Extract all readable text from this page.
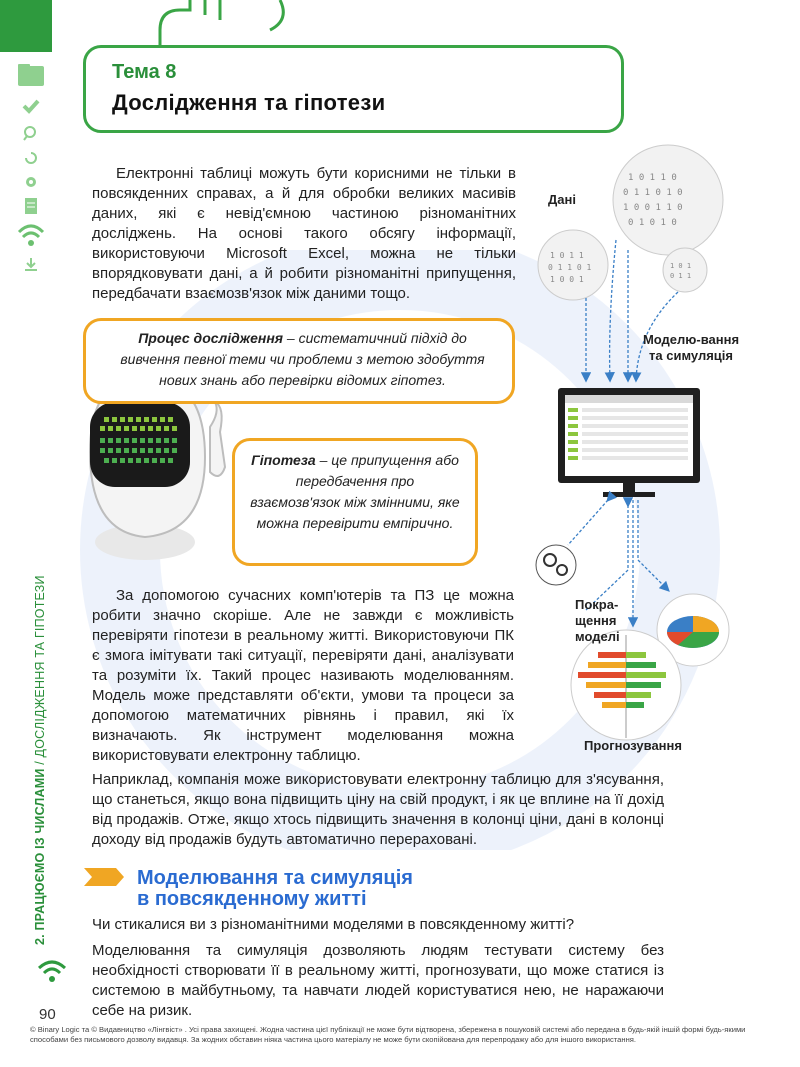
Тема 8
Дослідження та гіпотези
2. ПРАЦЮЄМО ІЗ ЧИСЛАМИ / ДОСЛІДЖЕННЯ ТА ГІПОТЕЗИ
Електронні таблиці можуть бути корисними не тільки в повсякденних справах, а й для обробки великих масивів даних, які є невід'ємною частиною різноманітних досліджень. На основі такого обсягу інформації, використовуючи Microsoft Excel, можна не тільки впорядковувати дані, а й робити різноманітні припущення, передбачати взаємозв'язок між даними тощо.
1 0 1 1 0
0 1 1 0 1 0
1 0 0 1 1 0
0 1 0 1 0
1 0 1 1
0 1 1 0 1
1 0 0 1
1 0 1
0 1 1
Дані
Моделю-вання та симуляція
Покра-щення моделі
Прогнозування
Процес дослідження – систематичний підхід до вивчення певної теми чи проблеми з метою здобуття нових знань або перевірки відомих гіпотез.
Гіпотеза – це припущення або передбачення про взаємозв'язок між змінними, яке можна перевірити емпірично.
За допомогою сучасних комп'ютерів та ПЗ це можна робити значно скоріше. Але не завжди є можливість перевіряти гіпотези в реальному житті. Використовуючи ПК є змога імітувати такі ситуації, перевіряти дані, аналізувати та розуміти їх. Такий процес називають моделюванням. Модель може представляти об'єкти, умови та процеси за допомогою математичних рівнянь і правил, які їх визначають. Як інструмент моделювання можна використовувати електронну таблицю.
Наприклад, компанія може використовувати електронну таблицю для з'ясування, що станеться, якщо вона підвищить ціну на свій продукт, і як це вплине на її дохід від продажів. Отже, якщо хтось підвищить значення в колонці ціни, дані в колонці доходу від продажів будуть автоматично перераховані.
Моделювання та симуляція
в повсякденному житті
Чи стикалися ви з різноманітними моделями в повсякденному житті?
Моделювання та симуляція дозволяють людям тестувати систему без необхідності створювати її в реальному житті, прогнозувати, що може статися із системою в майбутньому, та навчати людей користуватися нею, не наражаючи себе на ризик.
90
© Binary Logic та © Видавництво «Лінгвіст» . Усі права захищені. Жодна частина цієї публікації не може бути відтворена, збережена в пошуковій системі або передана в будь-якій іншій формі будь-якими способами без письмового дозволу видавця. За жодних обставин ніяка частина цього матеріалу не може бути скопійована для перепродажу або для іншого використання.
